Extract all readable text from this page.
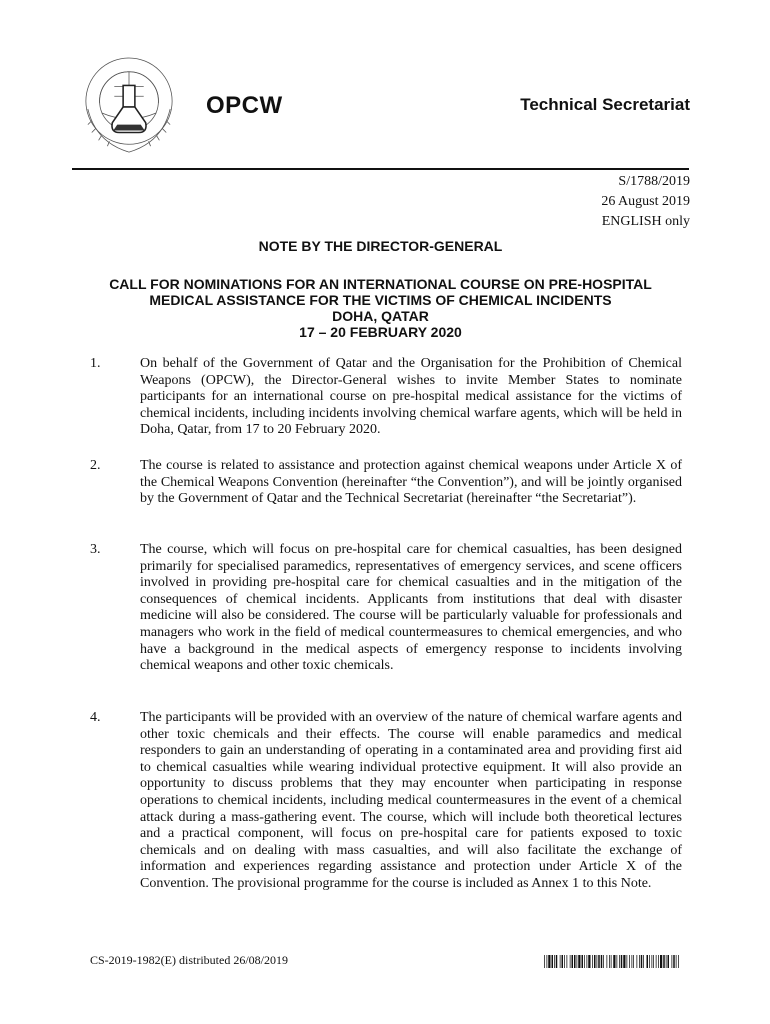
OPCW	Technical Secretariat
S/1788/2019
26 August 2019
ENGLISH only
NOTE BY THE DIRECTOR-GENERAL
CALL FOR NOMINATIONS FOR AN INTERNATIONAL COURSE ON PRE-HOSPITAL
MEDICAL ASSISTANCE FOR THE VICTIMS OF CHEMICAL INCIDENTS
DOHA, QATAR
17 – 20 FEBRUARY 2020
1.	On behalf of the Government of Qatar and the Organisation for the Prohibition of Chemical Weapons (OPCW), the Director-General wishes to invite Member States to nominate participants for an international course on pre-hospital medical assistance for the victims of chemical incidents, including incidents involving chemical warfare agents, which will be held in Doha, Qatar, from 17 to 20 February 2020.
2.	The course is related to assistance and protection against chemical weapons under Article X of the Chemical Weapons Convention (hereinafter “the Convention”), and will be jointly organised by the Government of Qatar and the Technical Secretariat (hereinafter “the Secretariat”).
3.	The course, which will focus on pre-hospital care for chemical casualties, has been designed primarily for specialised paramedics, representatives of emergency services, and scene officers involved in providing pre-hospital care for chemical casualties and in the mitigation of the consequences of chemical incidents. Applicants from institutions that deal with disaster medicine will also be considered. The course will be particularly valuable for professionals and managers who work in the field of medical countermeasures to chemical emergencies, and who have a background in the medical aspects of emergency response to incidents involving chemical weapons and other toxic chemicals.
4.	The participants will be provided with an overview of the nature of chemical warfare agents and other toxic chemicals and their effects. The course will enable paramedics and medical responders to gain an understanding of operating in a contaminated area and providing first aid to chemical casualties while wearing individual protective equipment. It will also provide an opportunity to discuss problems that they may encounter when participating in response operations to chemical incidents, including medical countermeasures in the event of a chemical attack during a mass-gathering event. The course, which will include both theoretical lectures and a practical component, will focus on pre-hospital care for patients exposed to toxic chemicals and on dealing with mass casualties, and will also facilitate the exchange of information and experiences regarding assistance and protection under Article X of the Convention. The provisional programme for the course is included as Annex 1 to this Note.
CS-2019-1982(E) distributed 26/08/2019
